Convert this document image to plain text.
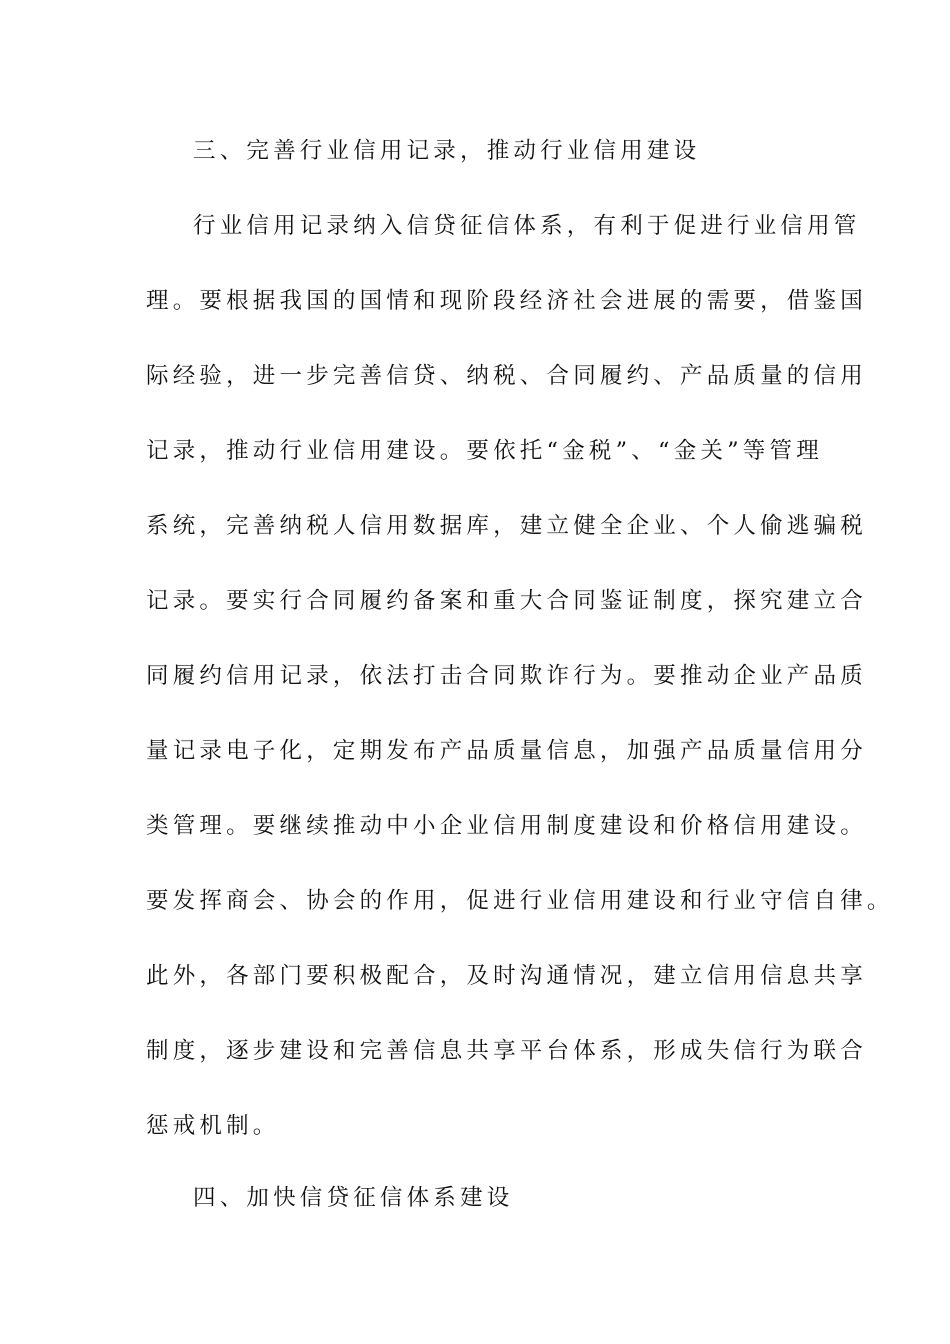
三、完善行业信用记录，推动行业信用建设
行业信用记录纳入信贷征信体系，有利于促进行业信用管
理。要根据我国的国情和现阶段经济社会进展的需要，借鉴国
际经验，进一步完善信贷、纳税、合同履约、产品质量的信用
记录，推动行业信用建设。要依托“金税”、“金关”等管理
系统，完善纳税人信用数据库，建立健全企业、个人偷逃骗税
记录。要实行合同履约备案和重大合同鉴证制度，探究建立合
同履约信用记录，依法打击合同欺诈行为。要推动企业产品质
量记录电子化，定期发布产品质量信息，加强产品质量信用分
类管理。要继续推动中小企业信用制度建设和价格信用建设。
要发挥商会、协会的作用，促进行业信用建设和行业守信自律。
此外，各部门要积极配合，及时沟通情况，建立信用信息共享
制度，逐步建设和完善信息共享平台体系，形成失信行为联合
惩戒机制。
四、加快信贷征信体系建设
